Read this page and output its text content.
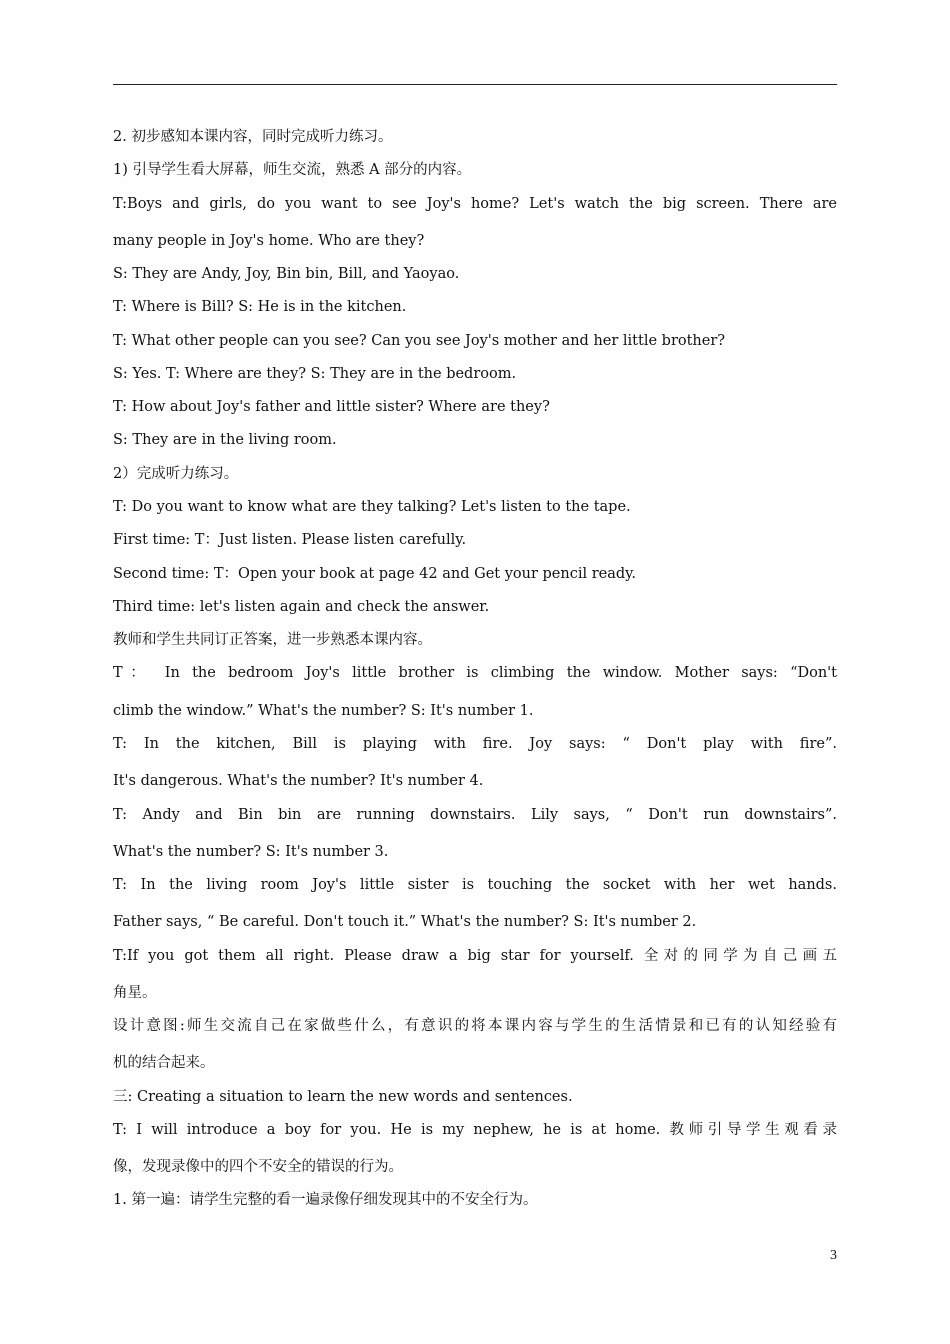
2. 初步感知本课内容，同时完成听力练习。
1) 引导学生看大屏幕，师生交流，熟悉 A 部分的内容。
T:Boys and girls, do you want to see Joy's home? Let's watch the big screen. There are
many people in Joy's home. Who are they?
S: They are Andy, Joy, Bin bin, Bill, and Yaoyao.
T: Where is Bill? S: He is in the kitchen.
T: What other people can you see? Can you see Joy's mother and her little brother?
S: Yes. T: Where are they? S: They are in the bedroom.
T: How about Joy's father and little sister? Where are they?
S: They are in the living room.
2）完成听力练习。
T: Do you want to know what are they talking? Let's listen to the tape.
First time: T：Just listen. Please listen carefully.
Second time: T：Open your book at page 42 and Get your pencil ready.
Third time: let's listen again and check the answer.
教师和学生共同订正答案，进一步熟悉本课内容。
T： In the bedroom Joy's little brother is climbing the window. Mother says: “Don't
climb the window.” What's the number? S: It's number 1.
T: In the kitchen, Bill is playing with fire. Joy says: “ Don't play with fire”.
It's dangerous. What's the number? It's number 4.
T: Andy and Bin bin are running downstairs. Lily says, “ Don't run downstairs”.
What's the number? S: It's number 3.
T: In the living room Joy's little sister is touching the socket with her wet hands.
Father says, “ Be careful. Don't touch it.” What's the number? S: It's number 2.
T:If you got them all right. Please draw a big star for yourself. 全对的同学为自己画五
角星。
设计意图:师生交流自己在家做些什么，有意识的将本课内容与学生的生活情景和已有的认知经验有
机的结合起来。
三: Creating a situation to learn the new words and sentences.
T: I will introduce a boy for you. He is my nephew, he is at home. 教师引导学生观看录
像，发现录像中的四个不安全的错误的行为。
1. 第一遍：请学生完整的看一遍录像仔细发现其中的不安全行为。
3
